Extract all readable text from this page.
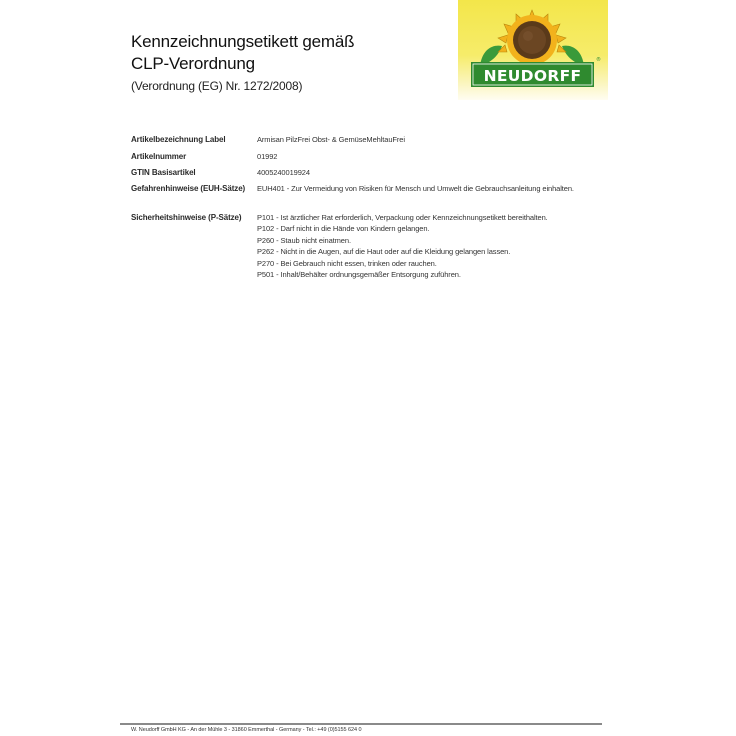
Kennzeichnungsetikett gemäß
CLP-Verordnung
(Verordnung (EG) Nr. 1272/2008)
NEUDORFF
®
Artikelbezeichnung Label	Armisan PilzFrei Obst- & GemüseMehltauFrei

Artikelnummer	01992

GTIN Basisartikel	4005240019924

Gefahrenhinweise (EUH-Sätze)	EUH401 - Zur Vermeidung von Risiken für Mensch und Umwelt die Gebrauchsanleitung einhalten.

Sicherheitshinweise (P-Sätze)	P101 - Ist ärztlicher Rat erforderlich, Verpackung oder Kennzeichnungsetikett bereithalten.

P102 - Darf nicht in die Hände von Kindern gelangen.

P260 - Staub nicht einatmen.

P262 - Nicht in die Augen, auf die Haut oder auf die Kleidung gelangen lassen.

P270 - Bei Gebrauch nicht essen, trinken oder rauchen.

P501 - Inhalt/Behälter ordnungsgemäßer Entsorgung zuführen.

W. Neudorff GmbH KG - An der Mühle 3 - 31860 Emmerthal - Germany - Tel.: +49 (0)5155 624 0
